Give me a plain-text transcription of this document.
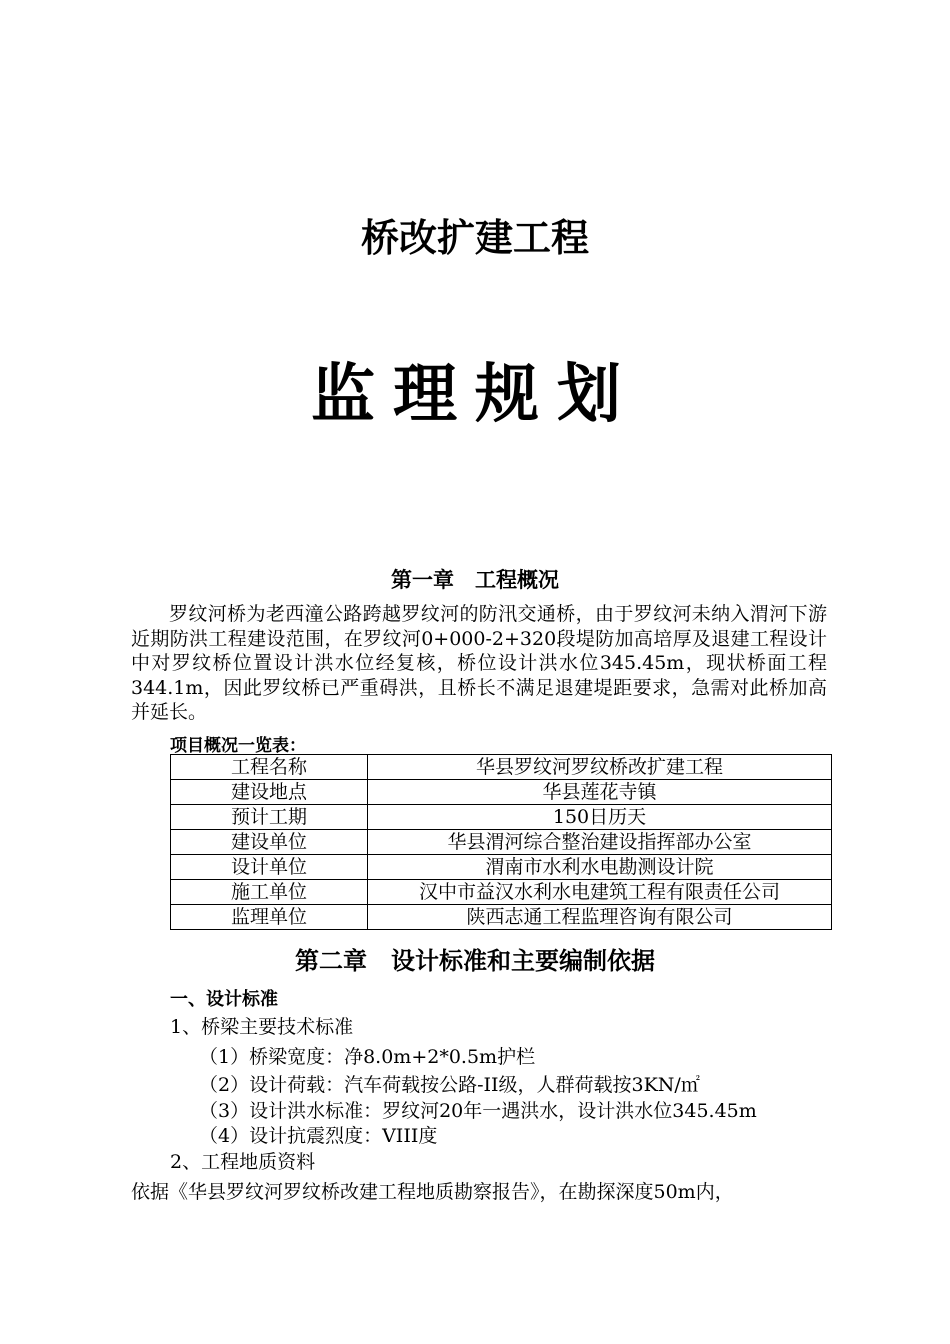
桥改扩建工程
监理规划
第一章　工程概况
罗纹河桥为老西潼公路跨越罗纹河的防汛交通桥，由于罗纹河未纳入渭河下游近期防洪工程建设范围，在罗纹河0+000-2+320段堤防加高培厚及退建工程设计中对罗纹桥位置设计洪水位经复核，桥位设计洪水位345.45m，现状桥面工程344.1m，因此罗纹桥已严重碍洪，且桥长不满足退建堤距要求，急需对此桥加高并延长。
项目概况一览表：
工程名称	华县罗纹河罗纹桥改扩建工程
建设地点	华县莲花寺镇
预计工期	150日历天
建设单位	华县渭河综合整治建设指挥部办公室
设计单位	渭南市水利水电勘测设计院
施工单位	汉中市益汉水利水电建筑工程有限责任公司
监理单位	陕西志通工程监理咨询有限公司
第二章　设计标准和主要编制依据
一、设计标准
1、桥梁主要技术标准
（1）桥梁宽度：净8.0m+2*0.5m护栏
（2）设计荷载：汽车荷载按公路-II级，人群荷载按3KN/㎡
（3）设计洪水标准：罗纹河20年一遇洪水，设计洪水位345.45m
（4）设计抗震烈度：VIII度
2、工程地质资料
依据《华县罗纹河罗纹桥改建工程地质勘察报告》，在勘探深度50m内，
